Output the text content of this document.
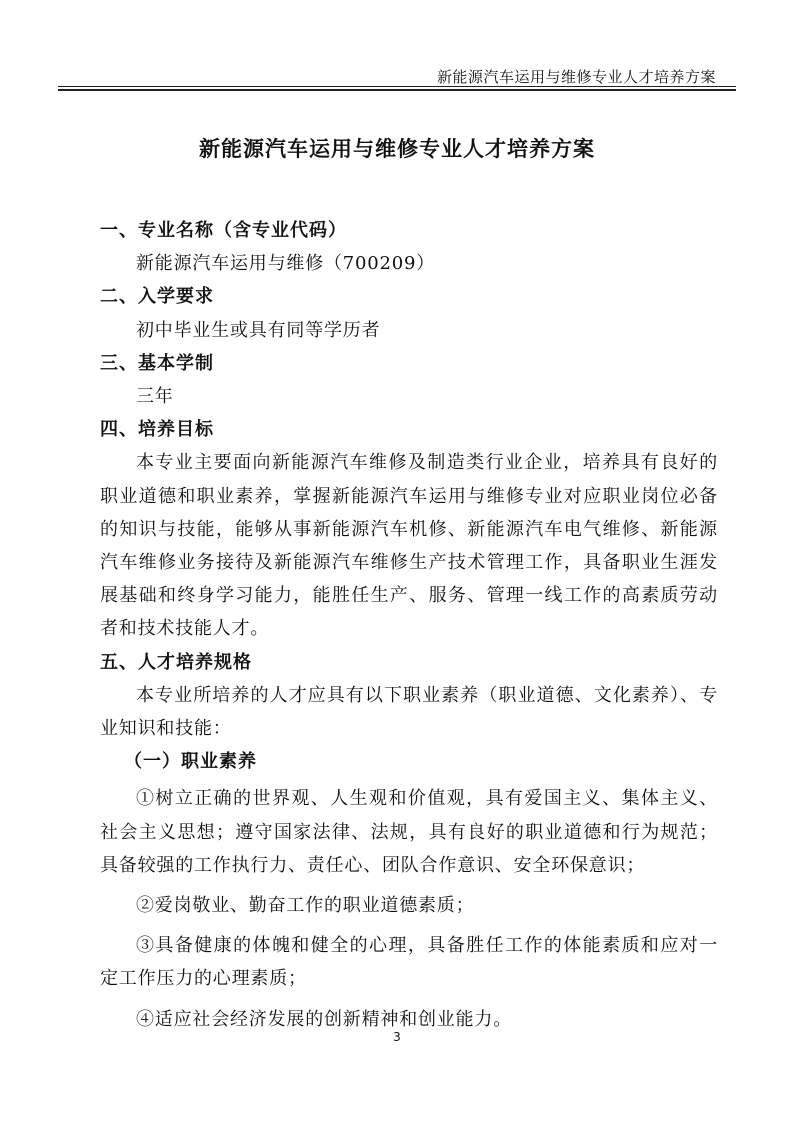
新能源汽车运用与维修专业人才培养方案
新能源汽车运用与维修专业人才培养方案
一、专业名称（含专业代码）
新能源汽车运用与维修（700209）
二、入学要求
初中毕业生或具有同等学历者
三、基本学制
三年
四、培养目标
本专业主要面向新能源汽车维修及制造类行业企业，培养具有良好的职业道德和职业素养，掌握新能源汽车运用与维修专业对应职业岗位必备的知识与技能，能够从事新能源汽车机修、新能源汽车电气维修、新能源汽车维修业务接待及新能源汽车维修生产技术管理工作，具备职业生涯发展基础和终身学习能力，能胜任生产、服务、管理一线工作的高素质劳动者和技术技能人才。
五、人才培养规格
本专业所培养的人才应具有以下职业素养（职业道德、文化素养）、专业知识和技能：
（一）职业素养
①树立正确的世界观、人生观和价值观，具有爱国主义、集体主义、社会主义思想；遵守国家法律、法规，具有良好的职业道德和行为规范；具备较强的工作执行力、责任心、团队合作意识、安全环保意识；
②爱岗敬业、勤奋工作的职业道德素质；
③具备健康的体魄和健全的心理，具备胜任工作的体能素质和应对一定工作压力的心理素质；
④适应社会经济发展的创新精神和创业能力。
3
